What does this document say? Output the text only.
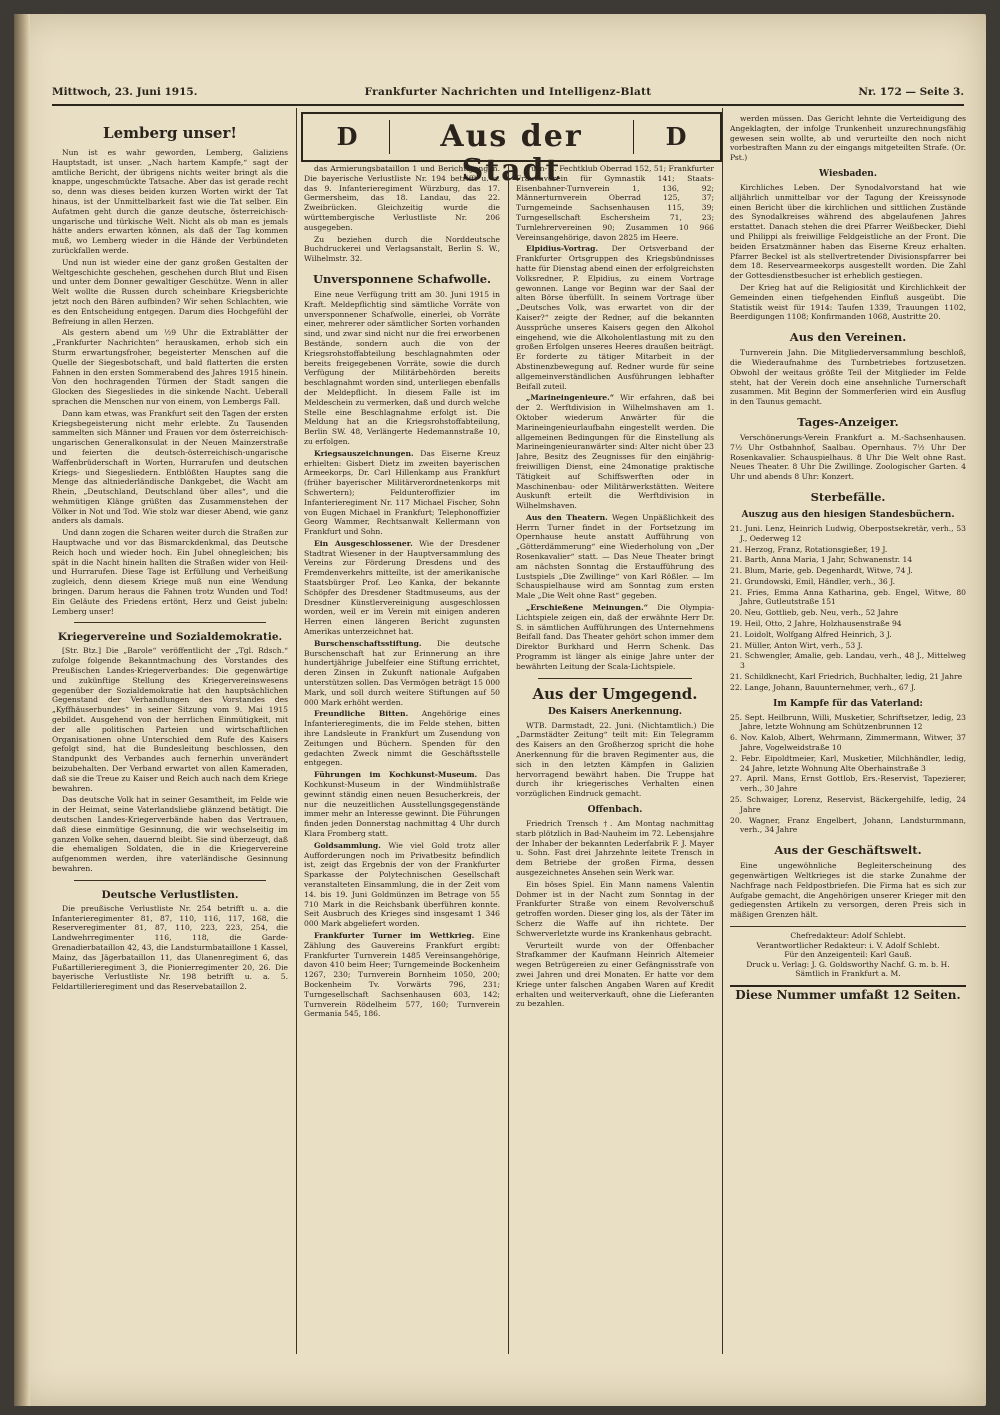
Mittwoch, 23. Juni 1915.	Frankfurter Nachrichten und Intelligenz-Blatt	Nr. 172 — Seite 3.
D	Aus der Stadt
D
Lemberg unser!

Nun ist es wahr geworden, Lemberg, Galiziens Hauptstadt, ist unser. „Nach hartem Kampfe,“ sagt der amtliche Bericht, der übrigens nichts weiter bringt als die knappe, ungeschmückte Tatsache. Aber das ist gerade recht so, denn was dieses beiden kurzen Worten wirkt der Tat hinaus, ist der Unmittelbarkeit fast wie die Tat selber. Ein Aufatmen geht durch die ganze deutsche, österreichisch-ungarische und türkische Welt. Nicht als ob man es jemals hätte anders erwarten können, als daß der Tag kommen muß, wo Lemberg wieder in die Hände der Verbündeten zurückfallen werde.

Und nun ist wieder eine der ganz großen Gestalten der Weltgeschichte geschehen, geschehen durch Blut und Eisen und unter dem Donner gewaltiger Geschütze. Wenn in aller Welt wollte die Russen durch scheinbare Kriegsberichte jetzt noch den Bären aufbinden? Wir sehen Schlachten, wie es den Entscheidung entgegen. Darum dies Hochgefühl der Befreiung in allen Herzen.

Als gestern abend um ½9 Uhr die Extrablätter der „Frankfurter Nachrichten“ herauskamen, erhob sich ein Sturm erwartungsfroher, begeisterter Menschen auf die Quelle der Siegesbotschaft, und bald flatterten die ersten Fahnen in den ersten Sommerabend des Jahres 1915 hinein. Von den hochragenden Türmen der Stadt sangen die Glocken des Siegesliedes in die sinkende Nacht. Ueberall sprachen die Menschen nur von einem, von Lembergs Fall.

Dann kam etwas, was Frankfurt seit den Tagen der ersten Kriegsbegeisterung nicht mehr erlebte. Zu Tausenden sammelten sich Männer und Frauen vor dem österreichisch-ungarischen Generalkonsulat in der Neuen Mainzerstraße und feierten die deutsch-österreichisch-ungarische Waffenbrüderschaft in Worten, Hurrarufen und deutschen Kriegs- und Siegesliedern. Entblößten Hauptes sang die Menge das altniederländische Dankgebet, die Wacht am Rhein, „Deutschland, Deutschland über alles“, und die wehmütigen Klänge grüßten das Zusammenstehen der Völker in Not und Tod. Wie stolz war dieser Abend, wie ganz anders als damals.

Und dann zogen die Scharen weiter durch die Straßen zur Hauptwache und vor das Bismarckdenkmal, das Deutsche Reich hoch und wieder hoch. Ein Jubel ohnegleichen; bis spät in die Nacht hinein hallten die Straßen wider von Heil- und Hurrarufen. Diese Tage ist Erfüllung und Verheißung zugleich, denn diesem Kriege muß nun eine Wendung bringen. Darum heraus die Fahnen trotz Wunden und Tod! Ein Geläute des Friedens ertönt, Herz und Geist jubeln: Lemberg unser!

Kriegervereine und Sozialdemokratie.

[Str. Btz.] Die „Barole“ veröffentlicht der „Tgl. Rdsch.“ zufolge folgende Bekanntmachung des Vorstandes des Preußischen Landes-Kriegerverbandes: Die gegenwärtige und zukünftige Stellung des Kriegervereinswesens gegenüber der Sozialdemokratie hat den hauptsächlichen Gegenstand der Verhandlungen des Vorstandes des „Kyffhäuserbundes“ in seiner Sitzung vom 9. Mai 1915 gebildet. Ausgehend von der herrlichen Einmütigkeit, mit der alle politischen Parteien und wirtschaftlichen Organisationen ohne Unterschied dem Rufe des Kaisers gefolgt sind, hat die Bundesleitung beschlossen, den Standpunkt des Verbandes auch fernerhin unverändert beizubehalten. Der Verband erwartet von allen Kameraden, daß sie die Treue zu Kaiser und Reich auch nach dem Kriege bewahren.

Das deutsche Volk hat in seiner Gesamtheit, im Felde wie in der Heimat, seine Vaterlandsliebe glänzend betätigt. Die deutschen Landes-Kriegerverbände haben das Vertrauen, daß diese einmütige Gesinnung, die wir wechselseitig im ganzen Volke sehen, dauernd bleibt. Sie sind überzeugt, daß die ehemaligen Soldaten, die in die Kriegervereine aufgenommen werden, ihre vaterländische Gesinnung bewahren.

Deutsche Verlustlisten.

Die preußische Verlustliste Nr. 254 betrifft u. a. die Infanterieregimenter 81, 87, 110, 116, 117, 168, die Reserveregimenter 81, 87, 110, 223, 223, 254, die Landwehrregimenter 116, 118, die Garde-Grenadierbataillon 42, 43, die Landsturmbataillone 1 Kassel, Mainz, das Jägerbataillon 11, das Ulanenregiment 6, das Fußartillerieregiment 3, die Pionierregimenter 20, 26. Die bayerische Verlustliste Nr. 198 betrifft u. a. 5. Feldartillerieregiment und das Reservebataillon 2.

das Armierungsbataillon 1 und Berichtigungen. Die bayerische Verlustliste Nr. 194 betrifft u. a. das 9. Infanterieregiment Würzburg, das 17. Germersheim, das 18. Landau, das 22. Zweibrücken. Gleichzeitig wurde die württembergische Verlustliste Nr. 206 ausgegeben.

Zu beziehen durch die Norddeutsche Buchdruckerei und Verlagsanstalt, Berlin S. W., Wilhelmstr. 32.

Unversponnene Schafwolle.

Eine neue Verfügung tritt am 30. Juni 1915 in Kraft. Meldepflichtig sind sämtliche Vorräte von unversponnener Schafwolle, einerlei, ob Vorräte einer, mehrerer oder sämtlicher Sorten vorhanden sind, und zwar sind nicht nur die frei erworbenen Bestände, sondern auch die von der Kriegsrohstoffabteilung beschlagnahmten oder bereits freigegebenen Vorräte, sowie die durch Verfügung der Militärbehörden bereits beschlagnahmt worden sind, unterliegen ebenfalls der Meldepflicht. In diesem Falle ist im Meldeschein zu vermerken, daß und durch welche Stelle eine Beschlagnahme erfolgt ist. Die Meldung hat an die Kriegsrohstoffabteilung, Berlin SW. 48, Verlängerte Hedemannstraße 10, zu erfolgen.

Kriegsauszeichnungen. Das Eiserne Kreuz erhielten: Gisbert Dietz im zweiten bayerischen Armeekorps, Dr. Carl Hillenkamp aus Frankfurt (früher bayerischer Militärverordnetenkorps mit Schwertern); Feldunteroffizier im Infanterieregiment Nr. 117 Michael Fischer, Sohn von Eugen Michael in Frankfurt; Telephonoffizier Georg Wammer, Rechtsanwalt Kellermann von Frankfurt und Sohn.

Ein Ausgeschlossener. Wie der Dresdener Stadtrat Wiesener in der Hauptversammlung des Vereins zur Förderung Dresdens und des Fremdenverkehrs mitteilte, ist der amerikanische Staatsbürger Prof. Leo Kanka, der bekannte Schöpfer des Dresdener Stadtmuseums, aus der Dresdner Künstlervereinigung ausgeschlossen worden, weil er im Verein mit einigen anderen Herren einen längeren Bericht zugunsten Amerikas unterzeichnet hat.

Burschenschaftsstiftung. Die deutsche Burschenschaft hat zur Erinnerung an ihre hundertjährige Jubelfeier eine Stiftung errichtet, deren Zinsen in Zukunft nationale Aufgaben unterstützen sollen. Das Vermögen beträgt 15 000 Mark, und soll durch weitere Stiftungen auf 50 000 Mark erhöht werden.

Freundliche Bitten. Angehörige eines Infanterieregiments, die im Felde stehen, bitten ihre Landsleute in Frankfurt um Zusendung von Zeitungen und Büchern. Spenden für den gedachten Zweck nimmt die Geschäftsstelle entgegen.

Führungen im Kochkunst-Museum. Das Kochkunst-Museum in der Windmühlstraße gewinnt ständig einen neuen Besucherkreis, der nur die neuzeitlichen Ausstellungsgegenstände immer mehr an Interesse gewinnt. Die Führungen finden jeden Donnerstag nachmittag 4 Uhr durch Klara Fromberg statt.

Goldsammlung. Wie viel Gold trotz aller Aufforderungen noch im Privatbesitz befindlich ist, zeigt das Ergebnis der von der Frankfurter Sparkasse der Polytechnischen Gesellschaft veranstalteten Einsammlung, die in der Zeit vom 14. bis 19. Juni Goldmünzen im Betrage von 55 710 Mark in die Reichsbank überführen konnte. Seit Ausbruch des Krieges sind insgesamt 1 346 000 Mark abgeliefert worden.

Frankfurter Turner im Wettkrieg. Eine Zählung des Gauvereins Frankfurt ergibt: Frankfurter Turnverein 1485 Vereinsangehörige, davon 410 beim Heer; Turngemeinde Bockenheim 1267, 230; Turnverein Bornheim 1050, 200; Bockenheim Tv. Vorwärts 796, 231; Turngesellschaft Sachsenhausen 603, 142; Turnverein Rödelheim 577, 160; Turnverein Germania 545, 186.

Turn- u. Fechtklub Oberrad 152, 51; Frankfurter Frauenverein für Gymnastik 141; Staats-Eisenbahner-Turnverein 1, 136, 92; Männerturnverein Oberrad 125, 37; Turngemeinde Sachsenhausen 115, 39; Turngesellschaft Eschersheim 71, 23; Turnlehrervereinen 90; Zusammen 10 966 Vereinsangehörige, davon 2825 im Heere.

Elpidius-Vortrag. Der Ortsverband der Frankfurter Ortsgruppen des Kriegsbündnisses hatte für Dienstag abend einen der erfolgreichsten Volksredner, P. Elpidius, zu einem Vortrage gewonnen. Lange vor Beginn war der Saal der alten Börse überfüllt. In seinem Vortrage über „Deutsches Volk, was erwartet von dir der Kaiser?“ zeigte der Redner, auf die bekannten Aussprüche unseres Kaisers gegen den Alkohol eingehend, wie die Alkoholentlastung mit zu den großen Erfolgen unseres Heeres draußen beiträgt. Er forderte zu tätiger Mitarbeit in der Abstinenzbewegung auf. Redner wurde für seine allgemeinverständlichen Ausführungen lebhafter Beifall zuteil.

„Marineingenieure.“ Wir erfahren, daß bei der 2. Werftdivision in Wilhelmshaven am 1. Oktober wiederum Anwärter für die Marineingenieurlaufbahn eingestellt werden. Die allgemeinen Bedingungen für die Einstellung als Marineingenieuranwärter sind: Alter nicht über 23 Jahre, Besitz des Zeugnisses für den einjährig-freiwilligen Dienst, eine 24monatige praktische Tätigkeit auf Schiffswerften oder in Maschinenbau- oder Militärwerkstätten. Weitere Auskunft erteilt die Werftdivision in Wilhelmshaven.

Aus den Theatern. Wegen Unpäßlichkeit des Herrn Turner findet in der Fortsetzung im Opernhause heute anstatt Aufführung von „Götterdämmerung“ eine Wiederholung von „Der Rosenkavalier“ statt. — Das Neue Theater bringt am nächsten Sonntag die Erstaufführung des Lustspiels „Die Zwillinge“ von Karl Rößler. — Im Schauspielhause wird am Sonntag zum ersten Male „Die Welt ohne Rast“ gegeben.

„Erschießene Meinungen.“ Die Olympia-Lichtspiele zeigen ein, daß der erwähnte Herr Dr. S. in sämtlichen Aufführungen des Unternehmens Beifall fand. Das Theater gehört schon immer dem Direktor Burkhard und Herrn Schenk. Das Programm ist länger als einige Jahre unter der bewährten Leitung der Scala-Lichtspiele.

Aus der Umgegend.
Des Kaisers Anerkennung.

WTB. Darmstadt, 22. Juni. (Nichtamtlich.) Die „Darmstädter Zeitung“ teilt mit: Ein Telegramm des Kaisers an den Großherzog spricht die hohe Anerkennung für die braven Regimenter aus, die sich in den letzten Kämpfen in Galizien hervorragend bewährt haben. Die Truppe hat durch ihr kriegerisches Verhalten einen vorzüglichen Eindruck gemacht.

Offenbach.

Friedrich Trensch †. Am Montag nachmittag starb plötzlich in Bad-Nauheim im 72. Lebensjahre der Inhaber der bekannten Lederfabrik F. J. Mayer u. Sohn. Fast drei Jahrzehnte leitete Trensch in dem Betriebe der großen Firma, dessen ausgezeichnetes Ansehen sein Werk war.

Ein böses Spiel. Ein Mann namens Valentin Dohmer ist in der Nacht zum Sonntag in der Frankfurter Straße von einem Revolverschuß getroffen worden. Dieser ging los, als der Täter im Scherz die Waffe auf ihn richtete. Der Schwerverletzte wurde ins Krankenhaus gebracht.

Verurteilt wurde von der Offenbacher Strafkammer der Kaufmann Heinrich Altemeier wegen Betrügereien zu einer Gefängnisstrafe von zwei Jahren und drei Monaten. Er hatte vor dem Kriege unter falschen Angaben Waren auf Kredit erhalten und weiterverkauft, ohne die Lieferanten zu bezahlen.

werden müssen. Das Gericht lehnte die Verteidigung des Angeklagten, der infolge Trunkenheit unzurechnungsfähig gewesen sein wollte, ab und verurteilte den noch nicht vorbestraften Mann zu der eingangs mitgeteilten Strafe. (Or. Pst.)

Wiesbaden.

Kirchliches Leben. Der Synodalvorstand hat wie alljährlich unmittelbar vor der Tagung der Kreissynode einen Bericht über die kirchlichen und sittlichen Zustände des Synodalkreises während des abgelaufenen Jahres erstattet. Danach stehen die drei Pfarrer Weißbecker, Diehl und Philippi als freiwillige Feldgeistliche an der Front. Die beiden Ersatzmänner haben das Eiserne Kreuz erhalten. Pfarrer Beckel ist als stellvertretender Divisionspfarrer bei dem 18. Reservearmeekorps ausgestellt worden. Die Zahl der Gottesdienstbesucher ist erheblich gestiegen.

Der Krieg hat auf die Religiosität und Kirchlichkeit der Gemeinden einen tiefgehenden Einfluß ausgeübt. Die Statistik weist für 1914: Taufen 1339, Trauungen 1102, Beerdigungen 1108; Konfirmanden 1068, Austritte 20.

Aus den Vereinen.

Turnverein Jahn. Die Mitgliederversammlung beschloß, die Wiederaufnahme des Turnbetriebes fortzusetzen. Obwohl der weitaus größte Teil der Mitglieder im Felde steht, hat der Verein doch eine ansehnliche Turnerschaft zusammen. Mit Beginn der Sommerferien wird ein Ausflug in den Taunus gemacht.

Tages-Anzeiger.

Verschönerungs-Verein Frankfurt a. M.-Sachsenhausen. 7½ Uhr Ostbahnhof, Saalbau. Opernhaus. 7½ Uhr Der Rosenkavalier. Schauspielhaus. 8 Uhr Die Welt ohne Rast. Neues Theater. 8 Uhr Die Zwillinge. Zoologischer Garten. 4 Uhr und abends 8 Uhr: Konzert.

Sterbefälle.
Auszug aus den hiesigen Standesbüchern.
21. Juni. Lenz, Heinrich Ludwig, Oberpostsekretär, verh., 53 J., Oederweg 12
21. Herzog, Franz, Rotationsgießer, 19 J.
21. Barth, Anna Maria, 1 Jahr, Schwanenstr. 14
21. Blum, Marie, geb. Degenhardt, Witwe, 74 J.
21. Grundowski, Emil, Händler, verh., 36 J.
21. Fries, Emma Anna Katharina, geb. Engel, Witwe, 80 Jahre, Gutleutstraße 151
20. Neu, Gottlieb, geb. Neu, verh., 52 Jahre
19. Heil, Otto, 2 Jahre, Holzhausenstraße 94
21. Loidolt, Wolfgang Alfred Heinrich, 3 J.
21. Müller, Anton Wirt, verh., 53 J.
21. Schwengler, Amalie, geb. Landau, verh., 48 J., Mittelweg 3
21. Schildknecht, Karl Friedrich, Buchhalter, ledig, 21 Jahre
22. Lange, Johann, Bauunternehmer, verh., 67 J.
Im Kampfe für das Vaterland:
25. Sept. Heilbrunn, Willi, Musketier, Schriftsetzer, ledig, 23 Jahre, letzte Wohnung am Schützenbrunnen 12
6. Nov. Kalob, Albert, Wehrmann, Zimmermann, Witwer, 37 Jahre, Vogelweidstraße 10
2. Febr. Eipoldtmeier, Karl, Musketier, Milchhändler, ledig, 24 Jahre, letzte Wohnung Alte Oberhainstraße 3
27. April. Mans, Ernst Gottlob, Ers.-Reservist, Tapezierer, verh., 30 Jahre
25. Schwaiger, Lorenz, Reservist, Bäckergehilfe, ledig, 24 Jahre
20. Wagner, Franz Engelbert, Johann, Landsturmmann, verh., 34 Jahre
Aus der Geschäftswelt.

Eine ungewöhnliche Begleiterscheinung des gegenwärtigen Weltkrieges ist die starke Zunahme der Nachfrage nach Feldpostbriefen. Die Firma hat es sich zur Aufgabe gemacht, die Angehörigen unserer Krieger mit den gediegensten Artikeln zu versorgen, deren Preis sich in mäßigen Grenzen hält.

Chefredakteur: Adolf Schlebt.
Verantwortlicher Redakteur: i. V. Adolf Schlebt.
Für den Anzeigenteil: Karl Gauß.
Druck u. Verlag: J. G. Goldsworthy Nachf. G. m. b. H.
Sämtlich in Frankfurt a. M.
Diese Nummer umfaßt 12 Seiten.
